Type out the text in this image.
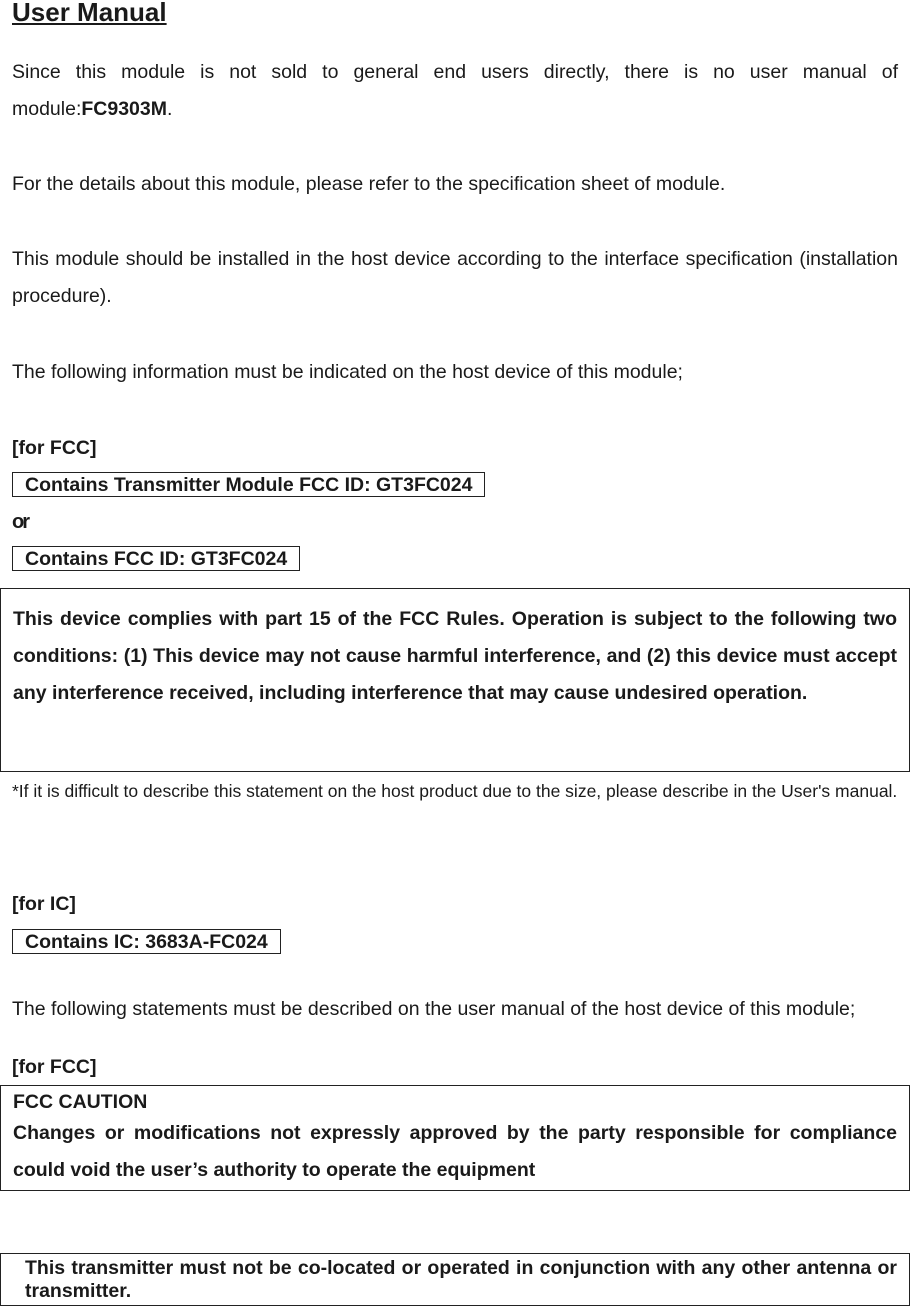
User Manual
Since this module is not sold to general end users directly, there is no user manual of module:FC9303M.
For the details about this module, please refer to the specification sheet of module.
This module should be installed in the host device according to the interface specification (installation procedure).
The following information must be indicated on the host device of this module;
[for FCC]
Contains Transmitter Module FCC ID: GT3FC024
or
Contains FCC ID: GT3FC024
This device complies with part 15 of the FCC Rules. Operation is subject to the following two conditions: (1) This device may not cause harmful interference, and (2) this device must accept any interference received, including interference that may cause undesired operation.
*If it is difficult to describe this statement on the host product due to the size, please describe in the User's manual.
[for IC]
Contains IC: 3683A-FC024
The following statements must be described on the user manual of the host device of this module;
[for FCC]
FCC CAUTION
Changes or modifications not expressly approved by the party responsible for compliance could void the user’s authority to operate the equipment
This transmitter must not be co-located or operated in conjunction with any other antenna or transmitter.
